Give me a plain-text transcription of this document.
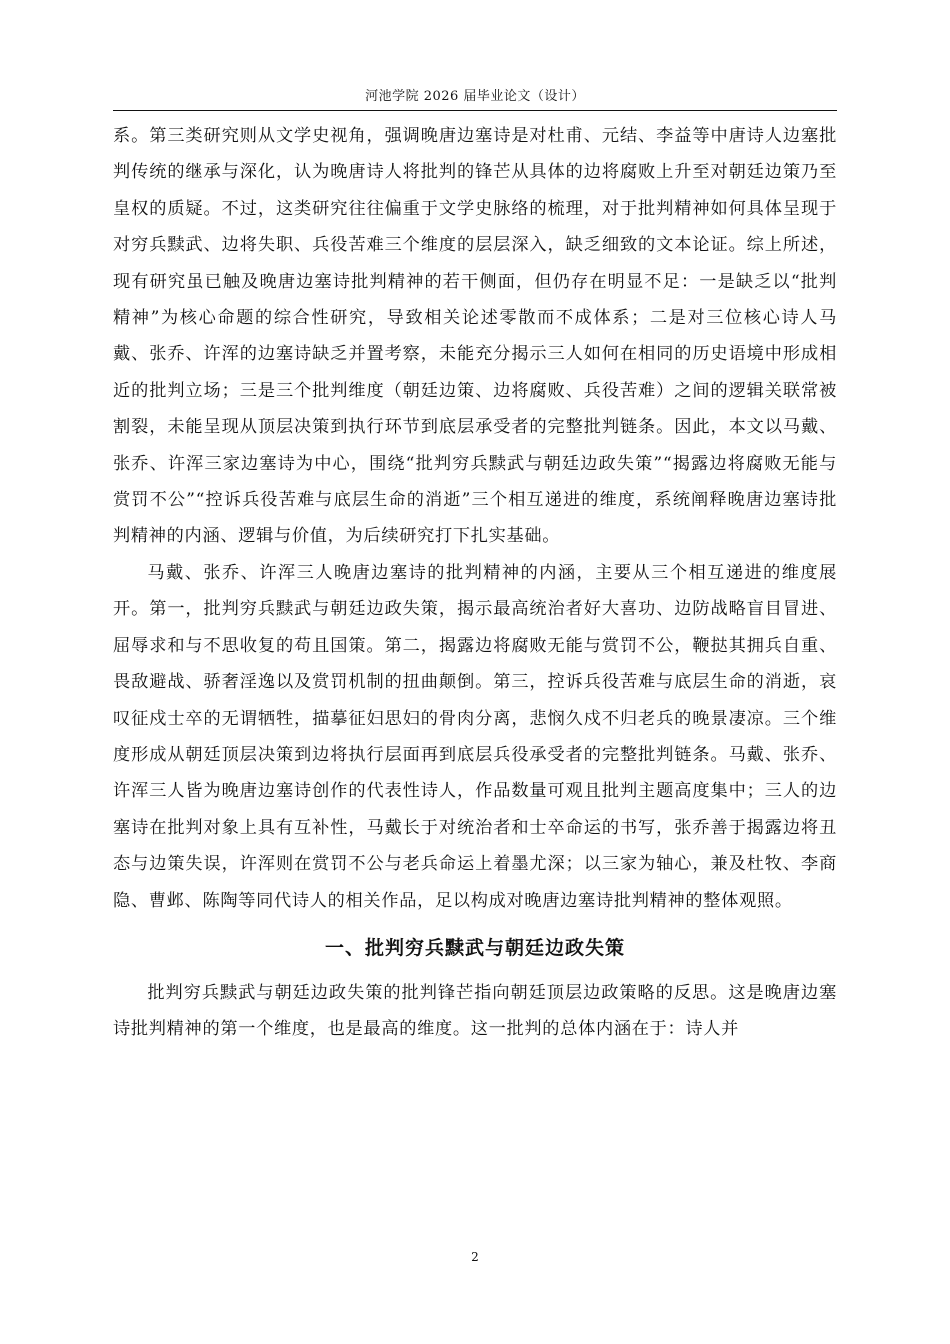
河池学院 2026 届毕业论文（设计）

系。第三类研究则从文学史视角，强调晚唐边塞诗是对杜甫、元结、李益等中唐诗人边塞批判传统的继承与深化，认为晚唐诗人将批判的锋芒从具体的边将腐败上升至对朝廷边策乃至皇权的质疑。不过，这类研究往往偏重于文学史脉络的梳理，对于批判精神如何具体呈现于对穷兵黩武、边将失职、兵役苦难三个维度的层层深入，缺乏细致的文本论证。综上所述，现有研究虽已触及晚唐边塞诗批判精神的若干侧面，但仍存在明显不足：一是缺乏以“批判精神”为核心命题的综合性研究，导致相关论述零散而不成体系；二是对三位核心诗人马戴、张乔、许浑的边塞诗缺乏并置考察，未能充分揭示三人如何在相同的历史语境中形成相近的批判立场；三是三个批判维度（朝廷边策、边将腐败、兵役苦难）之间的逻辑关联常被割裂，未能呈现从顶层决策到执行环节到底层承受者的完整批判链条。因此，本文以马戴、张乔、许浑三家边塞诗为中心，围绕“批判穷兵黩武与朝廷边政失策”“揭露边将腐败无能与赏罚不公”“控诉兵役苦难与底层生命的消逝”三个相互递进的维度，系统阐释晚唐边塞诗批判精神的内涵、逻辑与价值，为后续研究打下扎实基础。

马戴、张乔、许浑三人晚唐边塞诗的批判精神的内涵，主要从三个相互递进的维度展开。第一，批判穷兵黩武与朝廷边政失策，揭示最高统治者好大喜功、边防战略盲目冒进、屈辱求和与不思收复的苟且国策。第二，揭露边将腐败无能与赏罚不公，鞭挞其拥兵自重、畏敌避战、骄奢淫逸以及赏罚机制的扭曲颠倒。第三，控诉兵役苦难与底层生命的消逝，哀叹征戍士卒的无谓牺牲，描摹征妇思妇的骨肉分离，悲悯久戍不归老兵的晚景凄凉。三个维度形成从朝廷顶层决策到边将执行层面再到底层兵役承受者的完整批判链条。马戴、张乔、许浑三人皆为晚唐边塞诗创作的代表性诗人，作品数量可观且批判主题高度集中；三人的边塞诗在批判对象上具有互补性，马戴长于对统治者和士卒命运的书写，张乔善于揭露边将丑态与边策失误，许浑则在赏罚不公与老兵命运上着墨尤深；以三家为轴心，兼及杜牧、李商隐、曹邺、陈陶等同代诗人的相关作品，足以构成对晚唐边塞诗批判精神的整体观照。

一、批判穷兵黩武与朝廷边政失策

批判穷兵黩武与朝廷边政失策的批判锋芒指向朝廷顶层边政策略的反思。这是晚唐边塞诗批判精神的第一个维度，也是最高的维度。这一批判的总体内涵在于：诗人并

2
